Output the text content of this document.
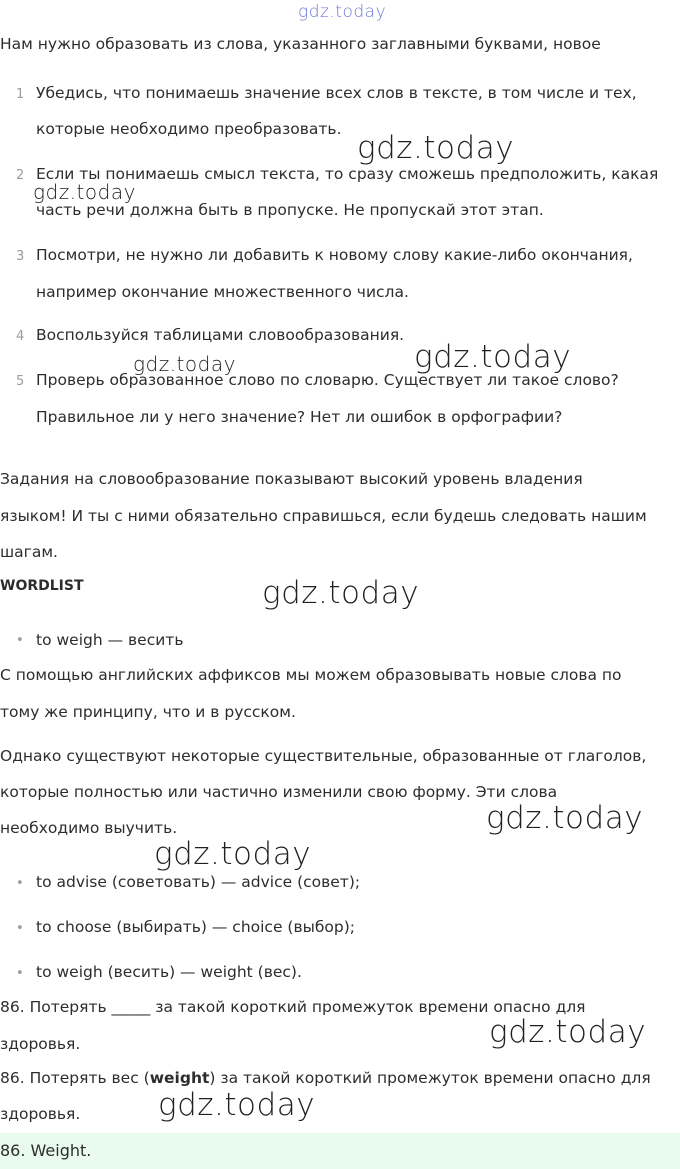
gdz.today
Нам нужно образовать из слова, указанного заглавными буквами, новое
1 Убедись, что понимаешь значение всех слов в тексте, в том числе и тех,
которые необходимо преобразовать.
2 Если ты понимаешь смысл текста, то сразу сможешь предположить, какая
часть речи должна быть в пропуске. Не пропускай этот этап.
3 Посмотри, не нужно ли добавить к новому слову какие-либо окончания,
например окончание множественного числа.
4 Воспользуйся таблицами словообразования.
5 Проверь образованное слово по словарю. Существует ли такое слово?
Правильное ли у него значение? Нет ли ошибок в орфографии?
Задания на словообразование показывают высокий уровень владения
языком! И ты с ними обязательно справишься, если будешь следовать нашим
шагам.
WORDLIST
• to weigh — весить
С помощью английских аффиксов мы можем образовывать новые слова по
тому же принципу, что и в русском.
Однако существуют некоторые существительные, образованные от глаголов,
которые полностью или частично изменили свою форму. Эти слова
необходимо выучить.
• to advise (советовать) — advice (совет);
• to choose (выбирать) — choice (выбор);
• to weigh (весить) — weight (вес).
86. Потерять _____ за такой короткий промежуток времени опасно для
здоровья.
86. Потерять вес (weight) за такой короткий промежуток времени опасно для
здоровья.
86. Weight.
gdz.today
gdz.today
gdz.today	gdz.today
gdz.today
gdz.today
gdz.today
gdz.today
gdz.today
